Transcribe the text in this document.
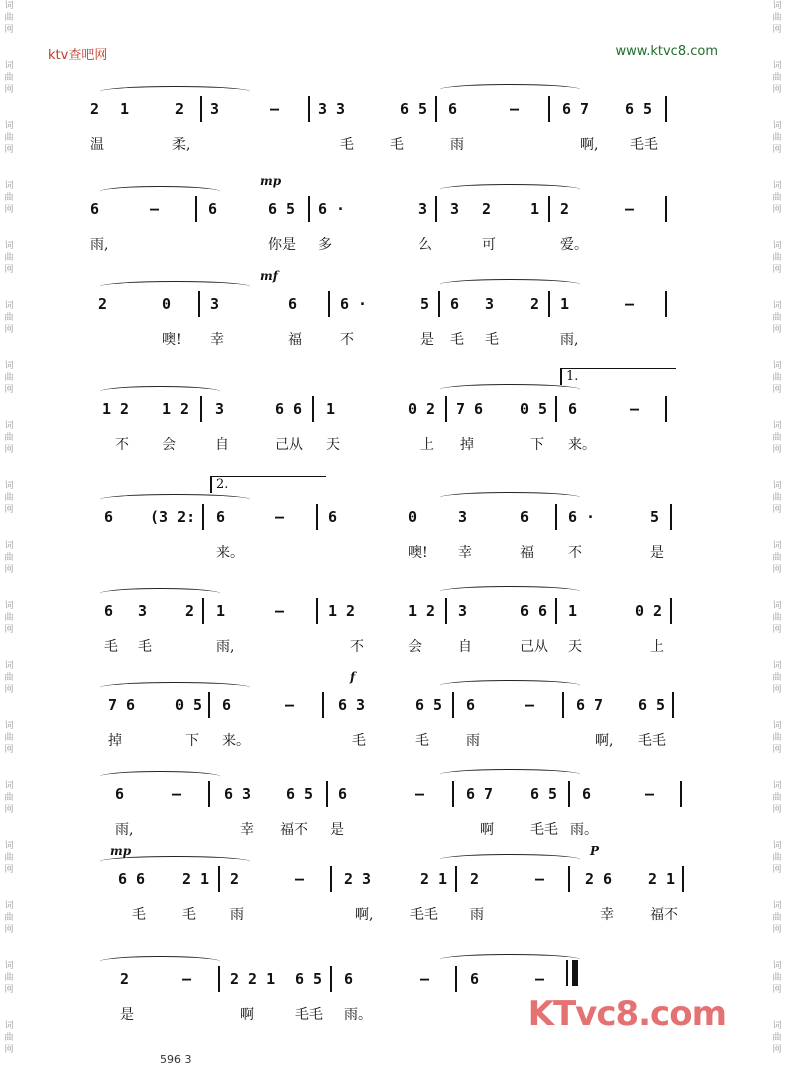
词曲网
词曲网
词曲网
词曲网
词曲网
词曲网
词曲网
词曲网
词曲网
词曲网
词曲网
词曲网
词曲网
词曲网
词曲网
词曲网
词曲网
词曲网
词曲网
词曲网
词曲网
词曲网
词曲网
词曲网
词曲网
词曲网
词曲网
词曲网
词曲网
词曲网
词曲网
词曲网
词曲网
词曲网
词曲网
词曲网
ktv查吧网	www.ktvc8.com
2 1	2 3	—	3 3	6 5 6	—	6 7 6 5
温	柔,	毛	毛	雨	啊, 毛毛
mp
6	—	6	6 5 6 ·	3 3 2	1 2	—
雨,	你是 多	么	可	爱。
mf
2	0	3	6	6 ·	5 6 3 2 1	—
噢! 幸	福	不	是 毛 毛	雨,
1.
1 2 1 2 3	6 6 1	0 2 7 6 0 5 6	—
不 会	自	己从 天	上 掉	下 来。
2.
6 (3 2: 6	—	6	0	3	6	6 ·	5
来。	噢! 幸	福 不	是
6 3	2 1	—	1 2	1 2 3	6 6 1	0 2
毛 毛	雨,	不	会	自	己从 天	上
f
7 6	0 5 6	—	6 3	6 5 6	—	6 7 6 5
掉	下 来。	毛	毛	雨	啊, 毛毛
6	—	6 3 6 5 6	—	6 7 6 5 6	—
雨,	幸 福不 是	啊	毛毛 雨。
mp	P
6 6 2 1 2	—	2 3	2 1 2	—	2 6 2 1
毛	毛 雨	啊,	毛毛 雨	幸	福不
2	—	2 2 1 6 5 6	—	6	—
是	啊	毛毛 雨。	KTvc8.com
596 3
